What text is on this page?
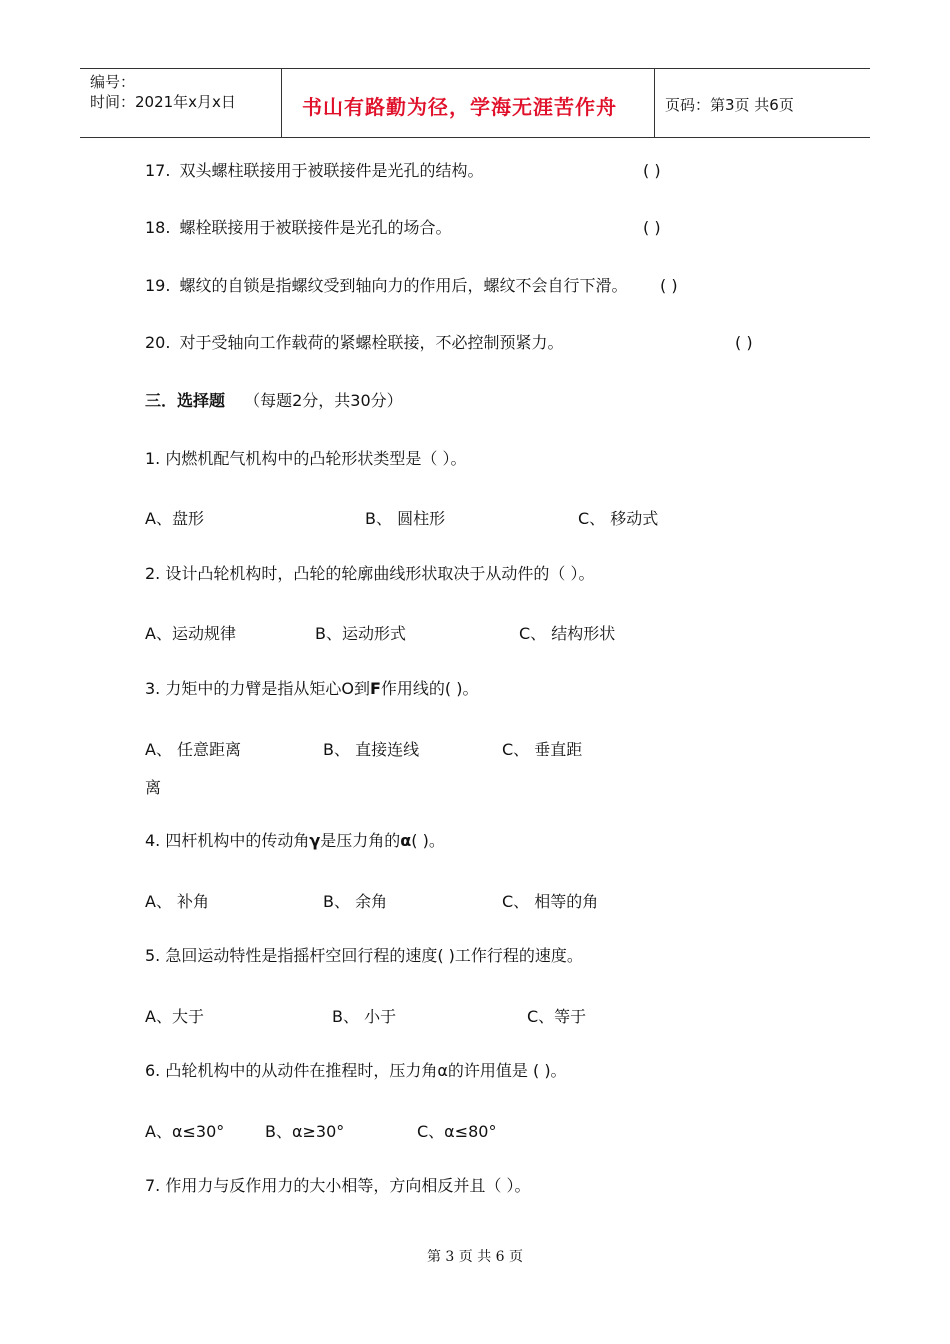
编号：
时间：2021年x月x日	书山有路勤为径，学海无涯苦作舟	页码：第3页 共6页
17. 双头螺柱联接用于被联接件是光孔的结构。	( )
18. 螺栓联接用于被联接件是光孔的场合。	( )
19. 螺纹的自锁是指螺纹受到轴向力的作用后，螺纹不会自行下滑。 ( )
20. 对于受轴向工作载荷的紧螺栓联接，不必控制预紧力。	( )
三．选择题 （每题2分，共30分）
1. 内燃机配气机构中的凸轮形状类型是（ ）。
A、盘形	B、 圆柱形	C、 移动式
2. 设计凸轮机构时，凸轮的轮廓曲线形状取决于从动件的（ ）。
A、运动规律	B、运动形式	C、 结构形状
3. 力矩中的力臂是指从矩心O到F作用线的( )。
A、 任意距离	B、 直接连线	C、 垂直距
离
4. 四杆机构中的传动角γ是压力角的α( )。
A、 补角	B、 余角	C、 相等的角
5. 急回运动特性是指摇杆空回行程的速度( )工作行程的速度。
A、大于	B、 小于	C、等于
6. 凸轮机构中的从动件在推程时，压力角α的许用值是 ( )。
A、α≤30°	B、α≥30°	C、α≤80°
7. 作用力与反作用力的大小相等，方向相反并且（ ）。
第 3 页 共 6 页
